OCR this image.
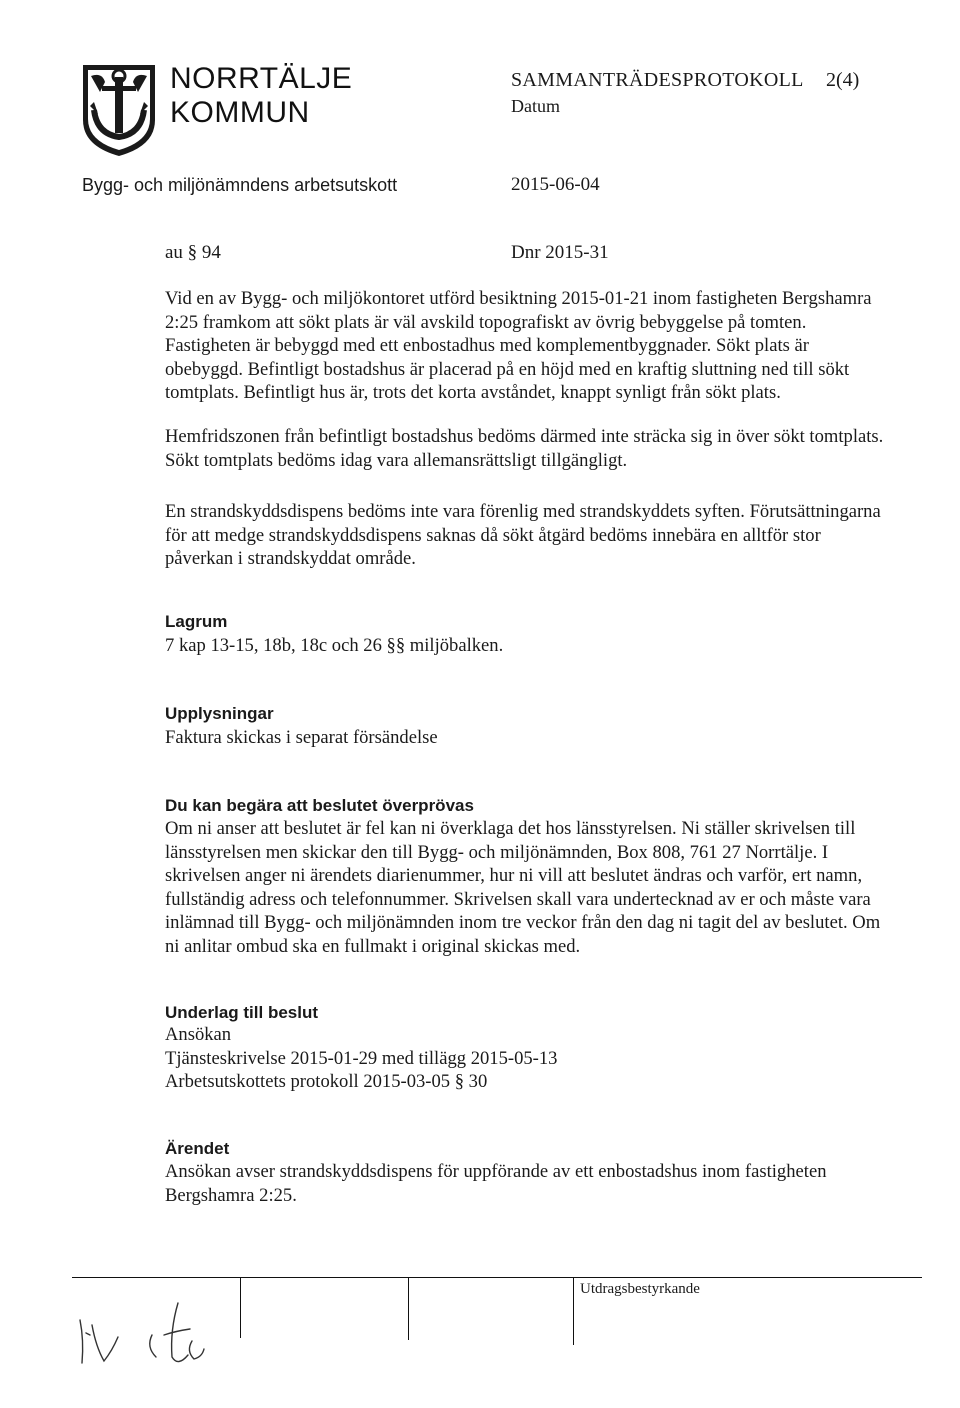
NORRTÄLJE
KOMMUN
Bygg- och miljönämndens arbetsutskott
SAMMANTRÄDESPROTOKOLL 2(4)
Datum
2015-06-04
au § 94	Dnr 2015-31
Vid en av Bygg- och miljökontoret utförd besiktning 2015-01-21 inom fastigheten Bergshamra 2:25 framkom att sökt plats är väl avskild topografiskt av övrig bebyggelse på tomten. Fastigheten är bebyggd med ett enbostadhus med komplementbyggnader. Sökt plats är obebyggd. Befintligt bostadshus är placerad på en höjd med en kraftig sluttning ned till sökt tomtplats. Befintligt hus är, trots det korta avståndet, knappt synligt från sökt plats.
Hemfridszonen från befintligt bostadshus bedöms därmed inte sträcka sig in över sökt tomtplats. Sökt tomtplats bedöms idag vara allemansrättsligt tillgängligt.
En strandskyddsdispens bedöms inte vara förenlig med strandskyddets syften. Förutsättningarna för att medge strandskyddsdispens saknas då sökt åtgärd bedöms innebära en alltför stor påverkan i strandskyddat område.
Lagrum
7 kap 13-15, 18b, 18c och 26 §§ miljöbalken.
Upplysningar
Faktura skickas i separat försändelse
Du kan begära att beslutet överprövas
Om ni anser att beslutet är fel kan ni överklaga det hos länsstyrelsen. Ni ställer skrivelsen till länsstyrelsen men skickar den till Bygg- och miljönämnden, Box 808, 761 27 Norrtälje. I skrivelsen anger ni ärendets diarienummer, hur ni vill att beslutet ändras och varför, ert namn, fullständig adress och telefonnummer. Skrivelsen skall vara undertecknad av er och måste vara inlämnad till Bygg- och miljönämnden inom tre veckor från den dag ni tagit del av beslutet. Om ni anlitar ombud ska en fullmakt i original skickas med.
Underlag till beslut
Ansökan
Tjänsteskrivelse 2015-01-29 med tillägg 2015-05-13
Arbetsutskottets protokoll 2015-03-05 § 30
Ärendet
Ansökan avser strandskyddsdispens för uppförande av ett enbostadshus inom fastigheten Bergshamra 2:25.
Utdragsbestyrkande
